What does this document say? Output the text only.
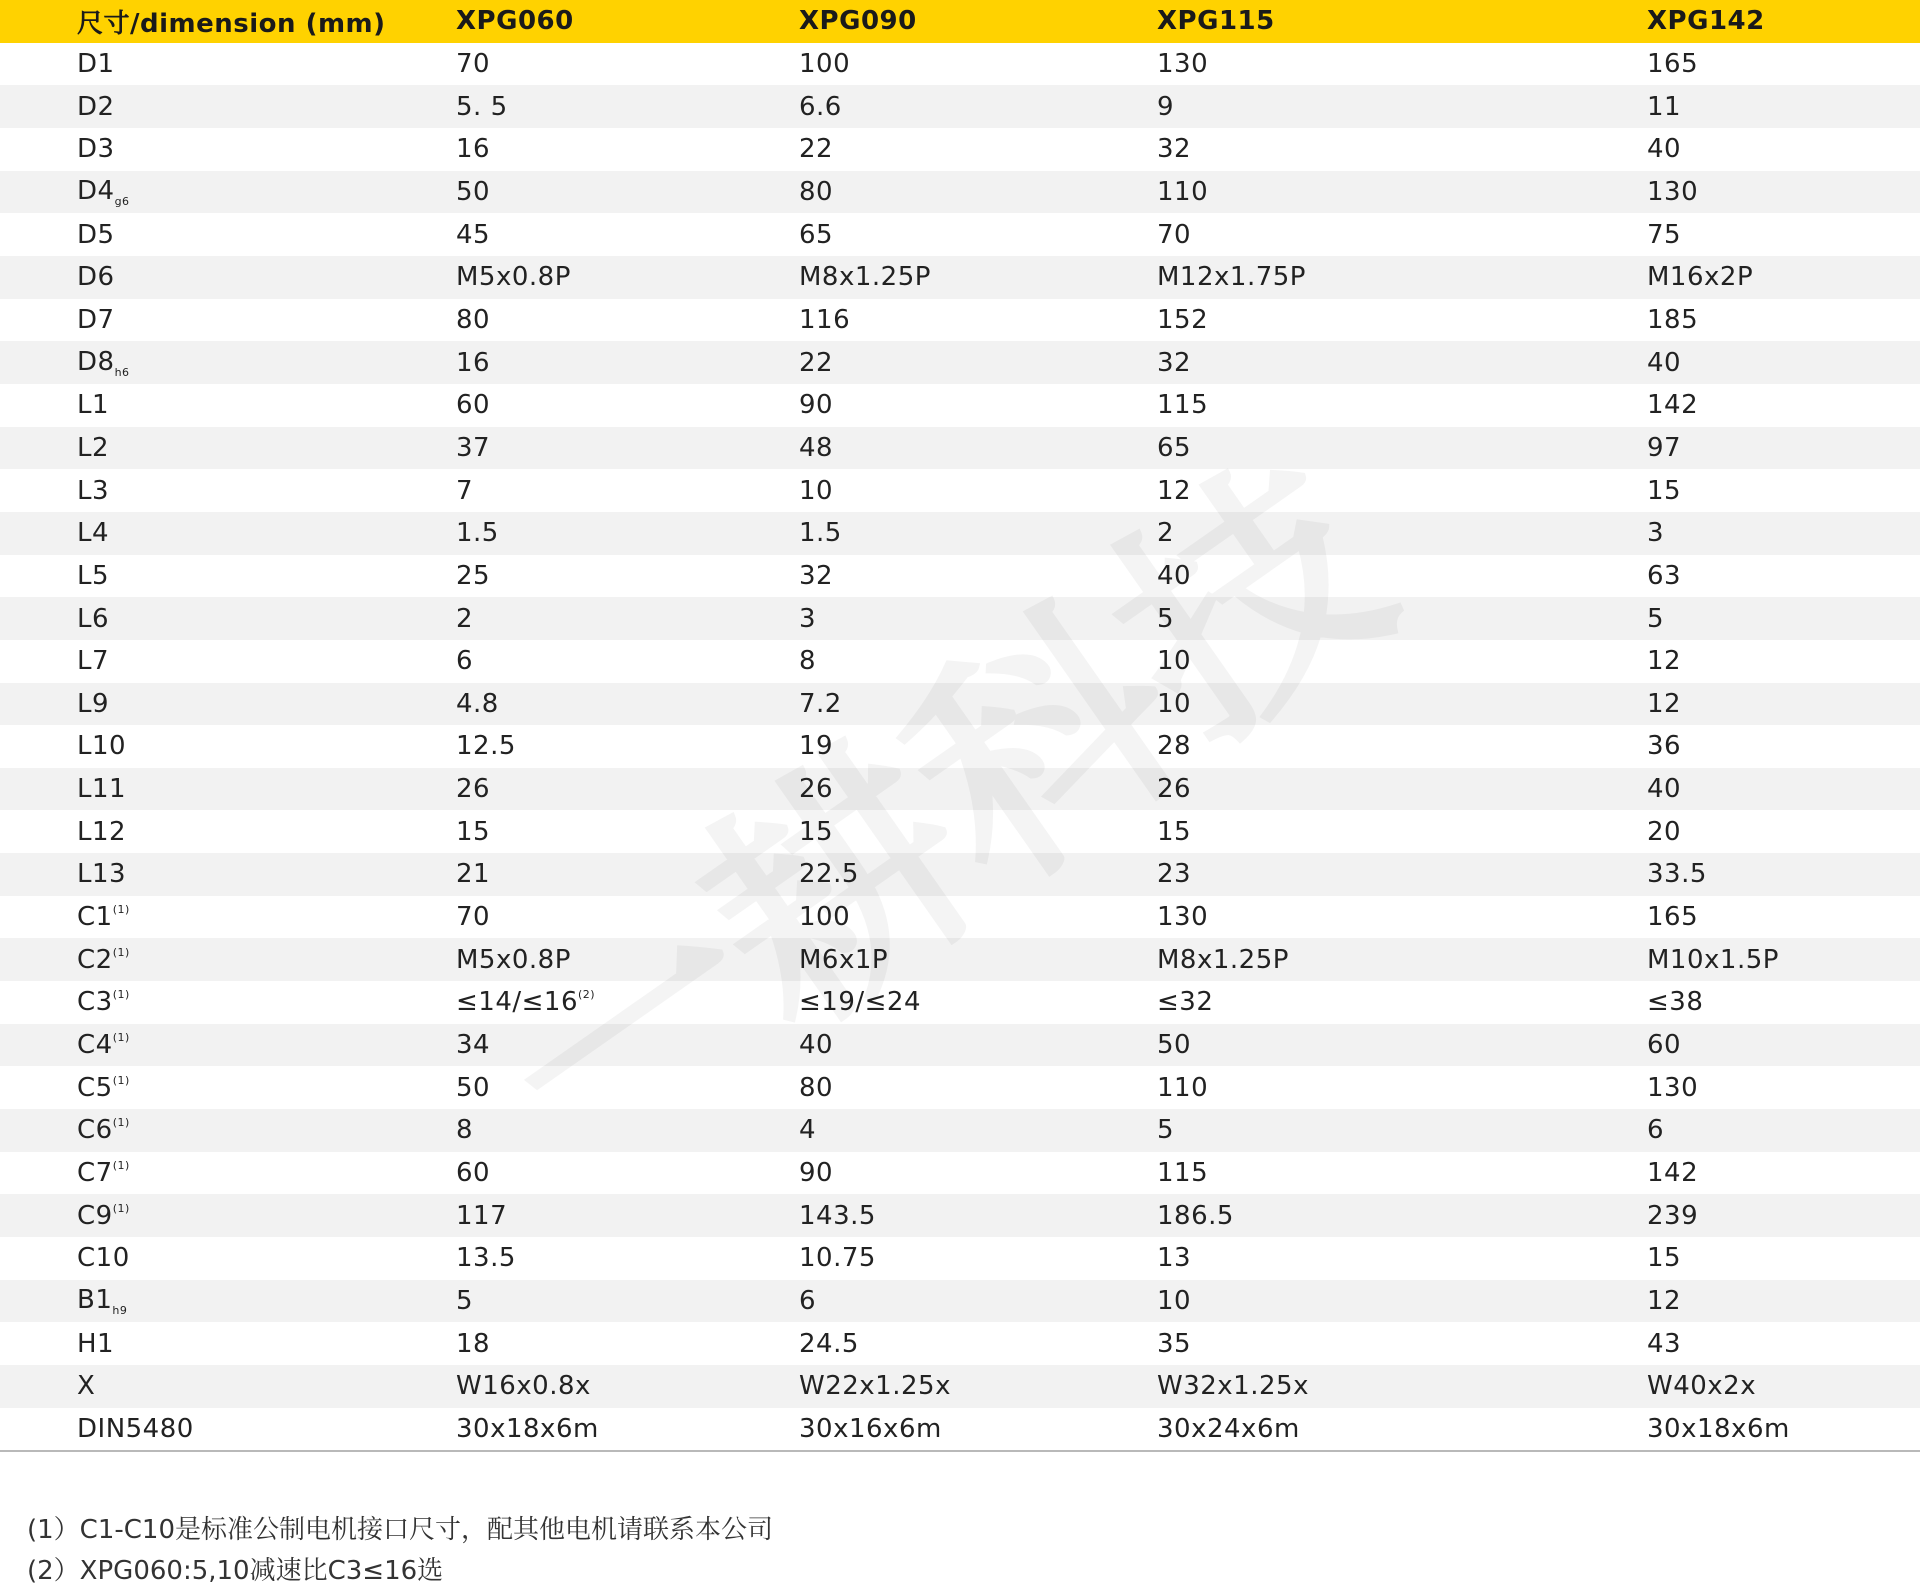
尺寸/dimension (mm)	XPG060	XPG090	XPG115	XPG142
D1	70	100	130	165
D2	5. 5	6.6	9	11
D3	16	22	32	40
$D4_{g6}$	50	80	110	130
D5	45	65	70	75
D6	M5x0.8P	M8x1.25P	M12x1.75P	M16x2P
D7	80	116	152	185
$D8_{h6}$	16	22	32	40
L1	60	90	115	142
L2	37	48	65	97
L3	7	10	12	15
L4	1.5	1.5	2	3
L5	25	32	40	63
L6	2	3	5	5
L7	6	8	10	12
L9	4.8	7.2	10	12
L10	12.5	19	28	36
L11	26	26	26	40
L12	15	15	15	20
L13	21	22.5	23	33.5
C1$^{(1)}$	70	100	130	165
C2$^{(1)}$	M5x0.8P	M6x1P	M8x1.25P	M10x1.5P
C3$^{(1)}$	≤14/≤16$^{(2)}$	≤19/≤24	≤32	≤38
C4$^{(1)}$	34	40	50	60
C5$^{(1)}$	50	80	110	130
C6$^{(1)}$	8	4	5	6
C7$^{(1)}$	60	90	115	142
C9$^{(1)}$	117	143.5	186.5	239
C10	13.5	10.75	13	15
$B1_{h9}$	5	6	10	12
H1	18	24.5	35	43
X	W16x0.8x	W22x1.25x	W32x1.25x	W40x2x
DIN5480	30x18x6m	30x16x6m	30x24x6m	30x18x6m
(1）C1-C10是标准公制电机接口尺寸，配其他电机请联系本公司
(2）XPG060:5,10减速比C3≤16选
